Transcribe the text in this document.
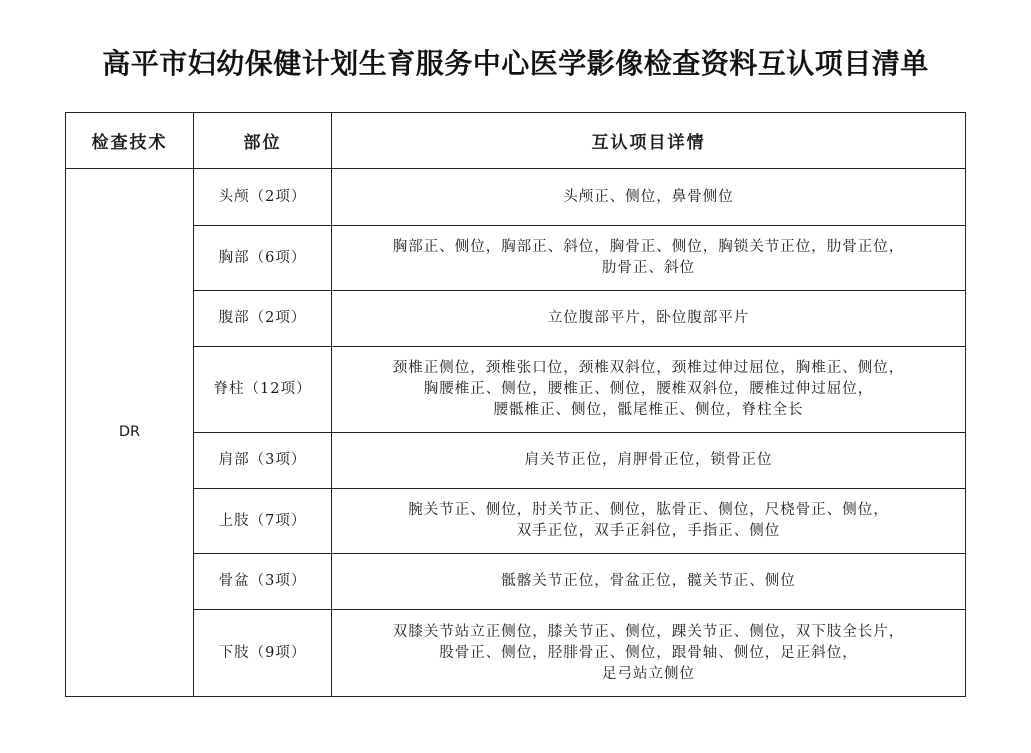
高平市妇幼保健计划生育服务中心医学影像检查资料互认项目清单
检查技术	部位	互认项目详情
DR	头颅（2项）	头颅正、侧位，鼻骨侧位

	胸部（6项）	胸部正、侧位，胸部正、斜位，胸骨正、侧位，胸锁关节正位，肋骨正位，
肋骨正、斜位

	腹部（2项）	立位腹部平片，卧位腹部平片

	脊柱（12项）	颈椎正侧位，颈椎张口位，颈椎双斜位，颈椎过伸过屈位，胸椎正、侧位，
胸腰椎正、侧位，腰椎正、侧位，腰椎双斜位，腰椎过伸过屈位，
腰骶椎正、侧位，骶尾椎正、侧位，脊柱全长

	肩部（3项）	肩关节正位，肩胛骨正位，锁骨正位

	上肢（7项）	腕关节正、侧位，肘关节正、侧位，肱骨正、侧位，尺桡骨正、侧位，
双手正位，双手正斜位，手指正、侧位

	骨盆（3项）	骶髂关节正位，骨盆正位，髋关节正、侧位

	下肢（9项）	双膝关节站立正侧位，膝关节正、侧位，踝关节正、侧位，双下肢全长片，
股骨正、侧位，胫腓骨正、侧位，跟骨轴、侧位，足正斜位，
足弓站立侧位
